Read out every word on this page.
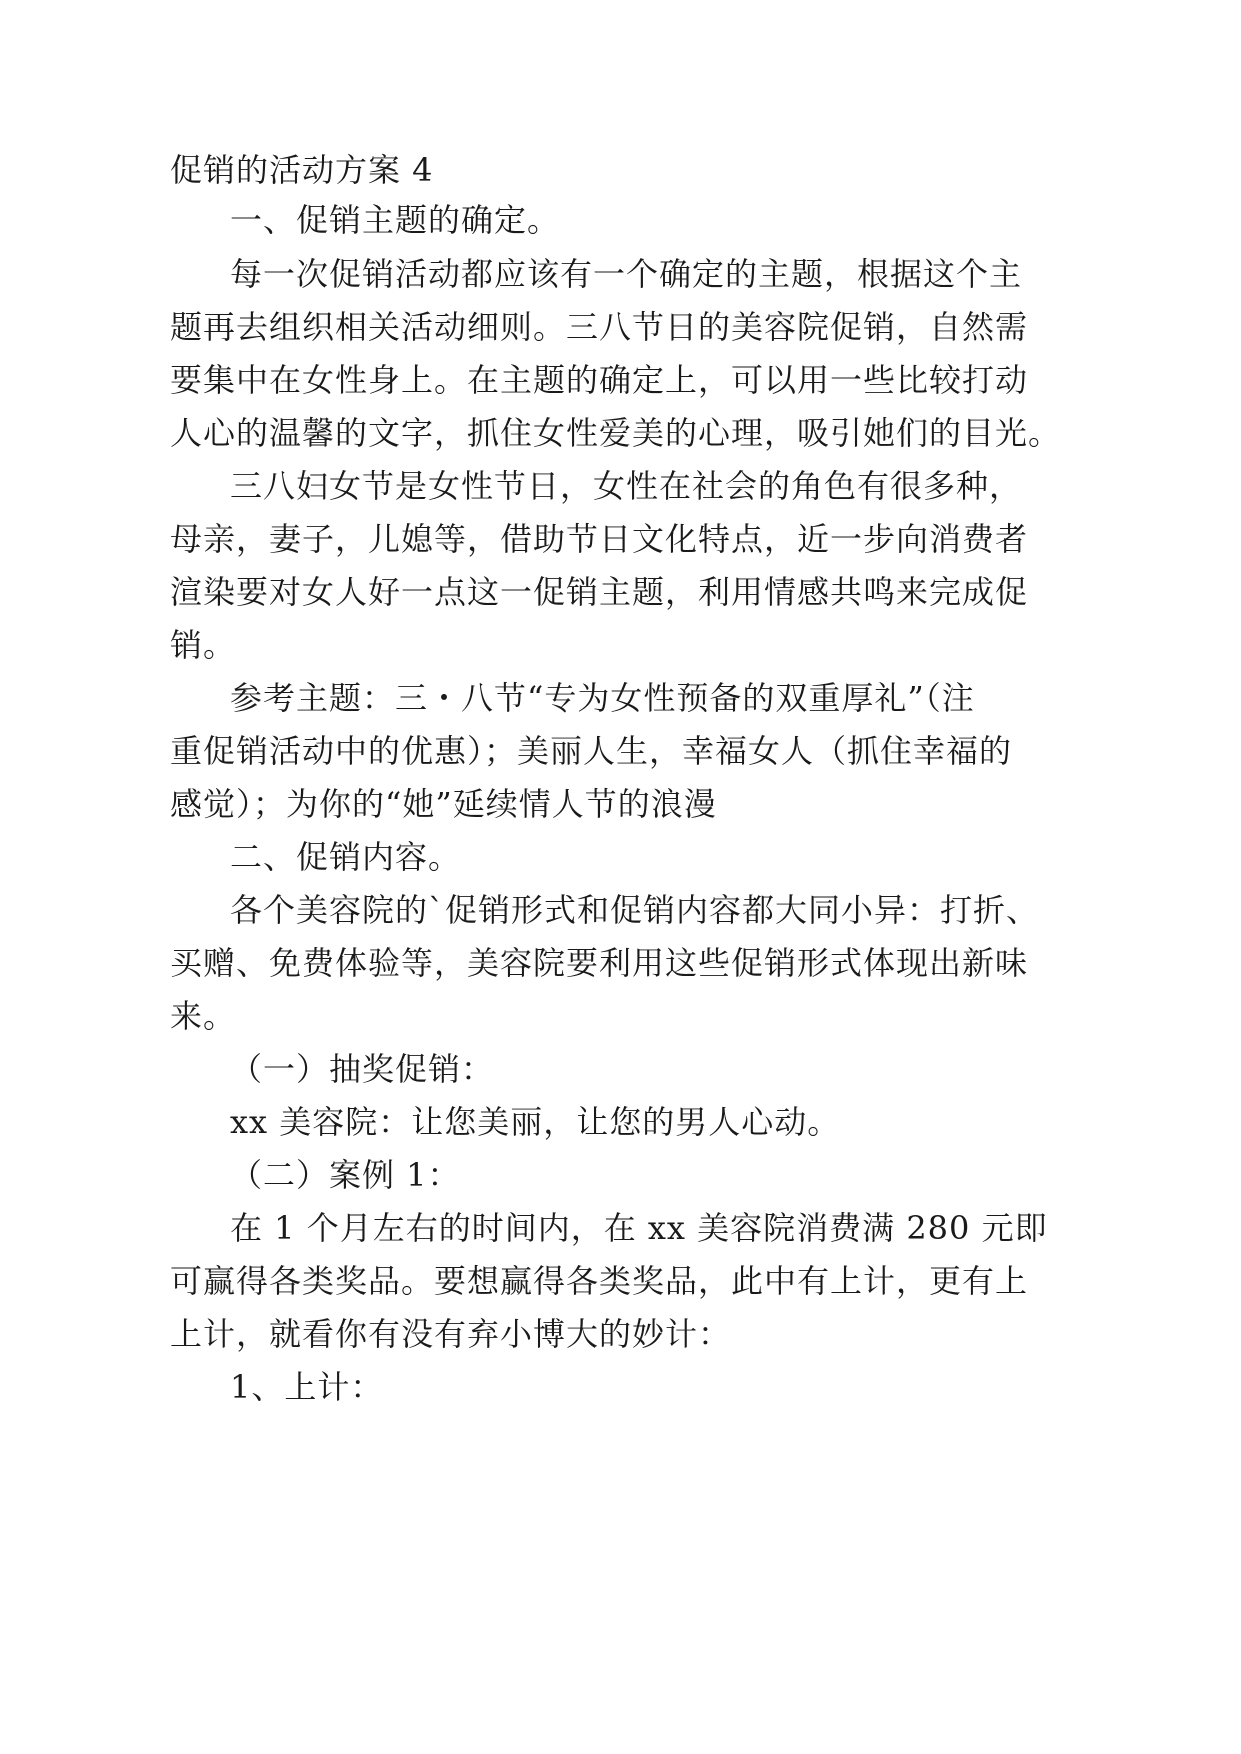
促销的活动方案 4
一、促销主题的确定。
每一次促销活动都应该有一个确定的主题，根据这个主
题再去组织相关活动细则。三八节日的美容院促销，自然需
要集中在女性身上。在主题的确定上，可以用一些比较打动
人心的温馨的文字，抓住女性爱美的心理，吸引她们的目光。
三八妇女节是女性节日，女性在社会的角色有很多种，
母亲，妻子，儿媳等，借助节日文化特点，近一步向消费者
渲染要对女人好一点这一促销主题，利用情感共鸣来完成促
销。
参考主题：三・八节“专为女性预备的双重厚礼”（注
重促销活动中的优惠）；美丽人生，幸福女人（抓住幸福的
感觉）；为你的“她”延续情人节的浪漫
二、促销内容。
各个美容院的`促销形式和促销内容都大同小异：打折、
买赠、免费体验等，美容院要利用这些促销形式体现出新味
来。
（一）抽奖促销：
xx 美容院：让您美丽，让您的男人心动。
（二）案例 1：
在 1 个月左右的时间内，在 xx 美容院消费满 280 元即
可赢得各类奖品。要想赢得各类奖品，此中有上计，更有上
上计，就看你有没有弃小博大的妙计：
1、上计：
